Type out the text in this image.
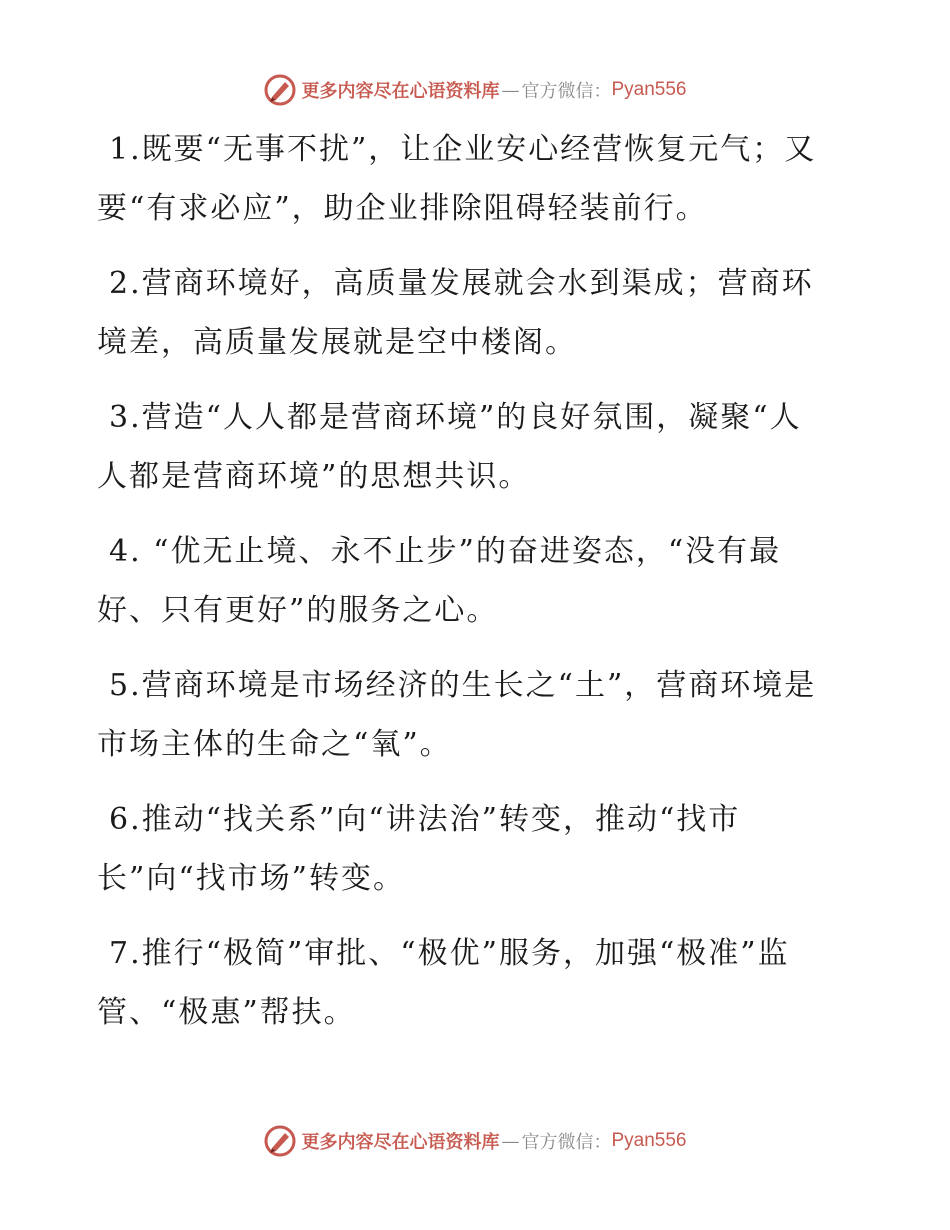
更多内容尽在心语资料库 — 官方微信： Pyan556

1.既要“无事不扰”，让企业安心经营恢复元气；又要“有求必应”，助企业排除阻碍轻装前行。

2.营商环境好，高质量发展就会水到渠成；营商环境差，高质量发展就是空中楼阁。

3.营造“人人都是营商环境”的良好氛围，凝聚“人人都是营商环境”的思想共识。

4. “优无止境、永不止步”的奋进姿态，“没有最好、只有更好”的服务之心。

5.营商环境是市场经济的生长之“土”，营商环境是市场主体的生命之“氧”。

6.推动“找关系”向“讲法治”转变，推动“找市长”向“找市场”转变。

7.推行“极简”审批、“极优”服务，加强“极准”监管、“极惠”帮扶。

更多内容尽在心语资料库 — 官方微信： Pyan556
